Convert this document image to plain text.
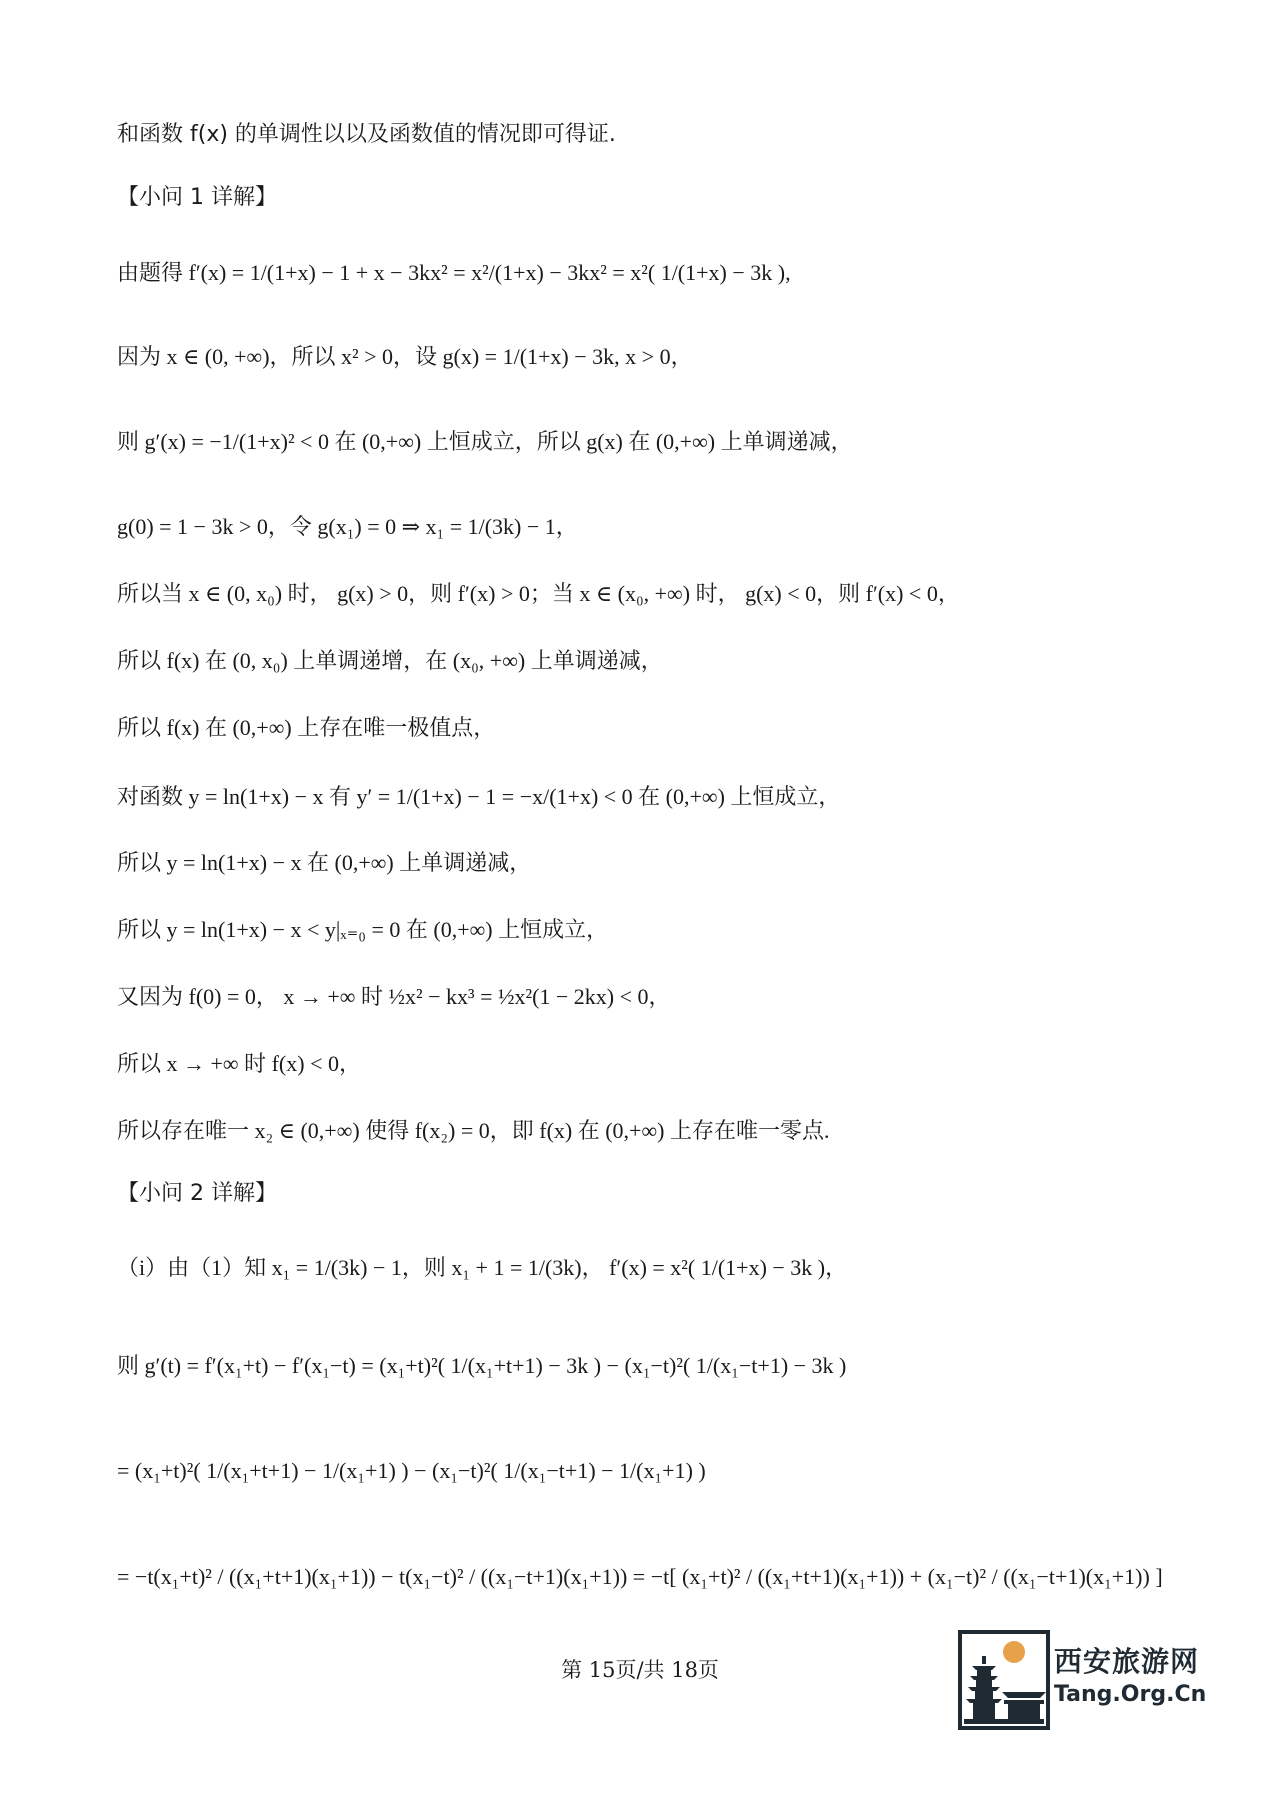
和函数 f(x) 的单调性以以及函数值的情况即可得证.
【小问 1 详解】
由题得 f′(x) = 1/(1+x) − 1 + x − 3kx² = x²/(1+x) − 3kx² = x²( 1/(1+x) − 3k ),
因为 x ∈ (0, +∞)，所以 x² > 0，设 g(x) = 1/(1+x) − 3k, x > 0，
则 g′(x) = −1/(1+x)² < 0 在 (0,+∞) 上恒成立，所以 g(x) 在 (0,+∞) 上单调递减，
g(0) = 1 − 3k > 0，令 g(x₁) = 0 ⇒ x₁ = 1/(3k) − 1，
所以当 x ∈ (0, x₀) 时， g(x) > 0，则 f′(x) > 0；当 x ∈ (x₀, +∞) 时， g(x) < 0，则 f′(x) < 0，
所以 f(x) 在 (0, x₀) 上单调递增，在 (x₀, +∞) 上单调递减，
所以 f(x) 在 (0,+∞) 上存在唯一极值点，
对函数 y = ln(1+x) − x 有 y′ = 1/(1+x) − 1 = −x/(1+x) < 0 在 (0,+∞) 上恒成立，
所以 y = ln(1+x) − x 在 (0,+∞) 上单调递减，
所以 y = ln(1+x) − x < y|ₓ₌₀ = 0 在 (0,+∞) 上恒成立，
又因为 f(0) = 0， x → +∞ 时 ½x² − kx³ = ½x²(1 − 2kx) < 0，
所以 x → +∞ 时 f(x) < 0，
所以存在唯一 x₂ ∈ (0,+∞) 使得 f(x₂) = 0，即 f(x) 在 (0,+∞) 上存在唯一零点.
【小问 2 详解】
（i）由（1）知 x₁ = 1/(3k) − 1，则 x₁ + 1 = 1/(3k)， f′(x) = x²( 1/(1+x) − 3k )，
则 g′(t) = f′(x₁+t) − f′(x₁−t) = (x₁+t)²( 1/(x₁+t+1) − 3k ) − (x₁−t)²( 1/(x₁−t+1) − 3k )
= (x₁+t)²( 1/(x₁+t+1) − 1/(x₁+1) ) − (x₁−t)²( 1/(x₁−t+1) − 1/(x₁+1) )
= −t(x₁+t)² / ((x₁+t+1)(x₁+1)) − t(x₁−t)² / ((x₁−t+1)(x₁+1)) = −t[ (x₁+t)² / ((x₁+t+1)(x₁+1)) + (x₁−t)² / ((x₁−t+1)(x₁+1)) ]
第 15页/共 18页	西安旅游网
Tang.Org.Cn
